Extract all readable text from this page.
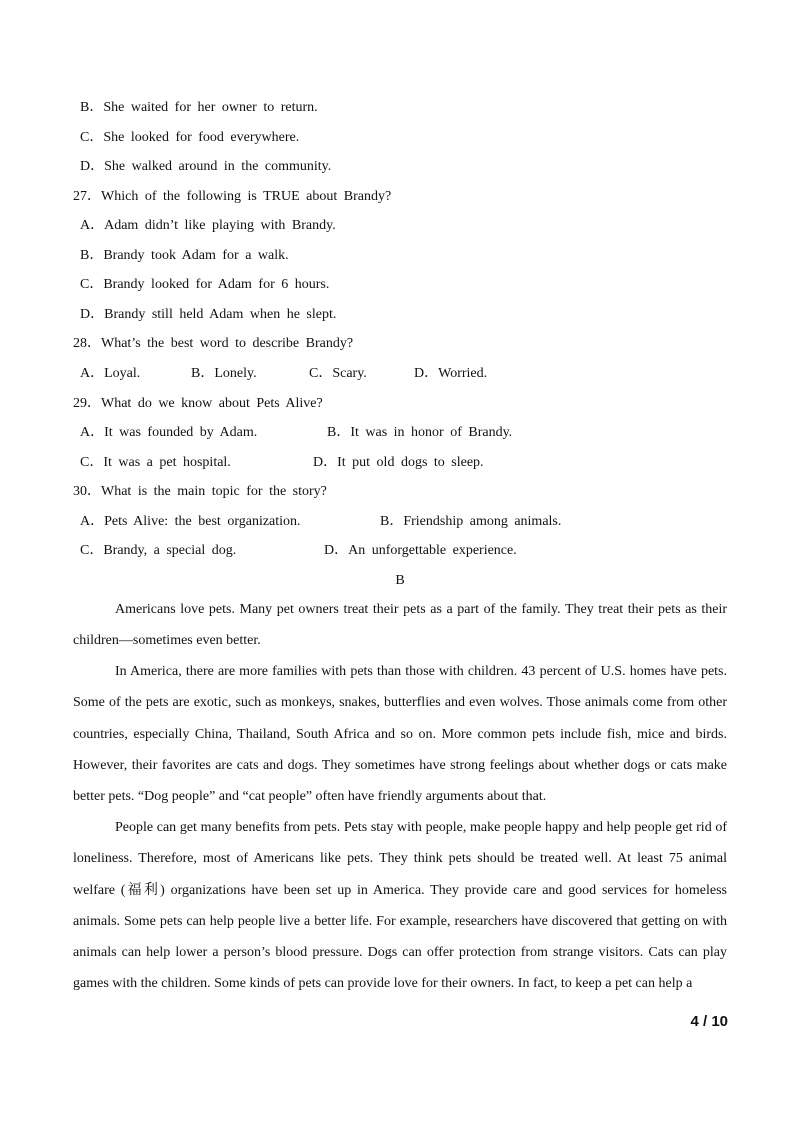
B．She waited for her owner to return.
C．She looked for food everywhere.
D．She walked around in the community.
27．Which of the following is TRUE about Brandy?
A．Adam didn’t like playing with Brandy.
B．Brandy took Adam for a walk.
C．Brandy looked for Adam for 6 hours.
D．Brandy still held Adam when he slept.
28．What’s the best word to describe Brandy?
A．Loyal.	B．Lonely.	C．Scary.	D．Worried.
29．What do we know about Pets Alive?
A．It was founded by Adam.	B．It was in honor of Brandy.
C．It was a pet hospital.	D．It put old dogs to sleep.
30．What is the main topic for the story?
A．Pets Alive: the best organization.	B．Friendship among animals.
C．Brandy, a special dog.	D．An unforgettable experience.
B
Americans love pets. Many pet owners treat their pets as a part of the family. They treat their pets as their children—sometimes even better.
In America, there are more families with pets than those with children. 43 percent of U.S. homes have pets. Some of the pets are exotic, such as monkeys, snakes, butterflies and even wolves. Those animals come from other countries, especially China, Thailand, South Africa and so on. More common pets include fish, mice and birds. However, their favorites are cats and dogs. They sometimes have strong feelings about whether dogs or cats make better pets. “Dog people” and “cat people” often have friendly arguments about that.
People can get many benefits from pets. Pets stay with people, make people happy and help people get rid of loneliness. Therefore, most of Americans like pets. They think pets should be treated well. At least 75 animal welfare (福利) organizations have been set up in America. They provide care and good services for homeless animals. Some pets can help people live a better life. For example, researchers have discovered that getting on with animals can help lower a person’s blood pressure. Dogs can offer protection from strange visitors. Cats can play games with the children. Some kinds of pets can provide love for their owners. In fact, to keep a pet can help a
4 / 10
